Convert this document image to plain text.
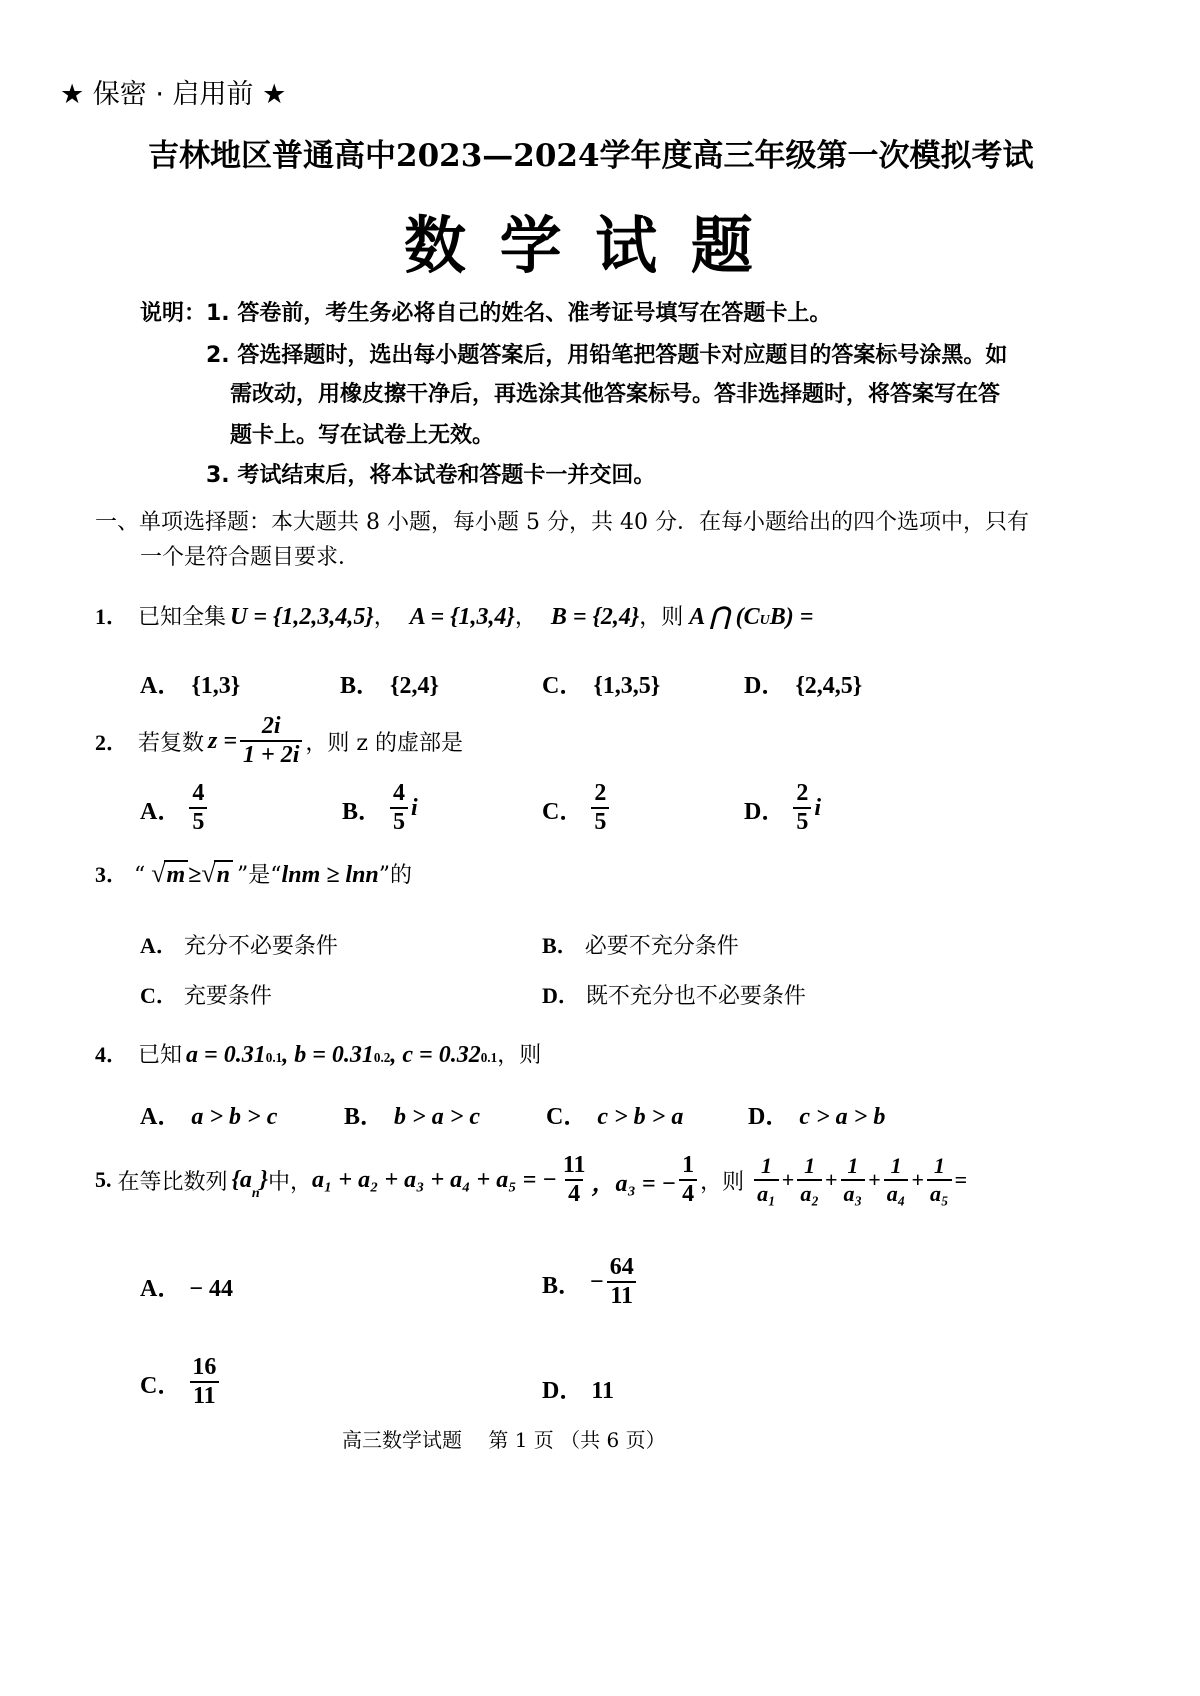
★ 保密 · 启用前 ★
吉林地区普通高中2023—2024学年度高三年级第一次模拟考试
数 学 试 题
说明： 1. 答卷前，考生务必将自己的姓名、准考证号填写在答题卡上。
2. 答选择题时，选出每小题答案后，用铅笔把答题卡对应题目的答案标号涂黑。如
需改动，用橡皮擦干净后，再选涂其他答案标号。答非选择题时，将答案写在答
题卡上。写在试卷上无效。
3. 考试结束后，将本试卷和答题卡一并交回。
一、单项选择题：本大题共 8 小题，每小题 5 分，共 40 分．在每小题给出的四个选项中，只有
一个是符合题目要求．
1． 已知全集 U = {1,2,3,4,5} ， A = {1,3,4} ， B = {2,4} ， 则 A ⋂ ($C_U$ B) =
A． {1,3}	B． {2,4}	C． {1,3,5}	D． {2,4,5}
2． 若复数 $z = \frac{2i}{1 + 2i}$ ，则 z 的虚部是
A． $\frac{4}{5}$	B． $\frac{4}{5}$ i	C． $\frac{2}{5}$	D． $\frac{2}{5}$ i
3． “ √ m ≥ √ n ” 是 “ lnm ≥ lnn ” 的
A． 充分不必要条件	B． 必要不充分条件
C． 充要条件	D． 既不充分也不必要条件
4． 已知 a = 0.31 0.1 , b = 0.31 0.2 , c = 0.32 0.1 ，则
A． a > b > c	B． b > a > c	C． c > b > a	D． c > a > b
5. 在等比数列 {a
$_n$
} 中， a₁ + a₂ + a₃ + a₄ + a₅ = − $\frac{11}{4}$ ，a₃ = − $\frac{1}{4}$ ，则 $\frac{1}{\text{a₁}} + \frac{1}{\text{a₂}} + \frac{1}{\text{a₃}} + \frac{1}{\text{a₄}} + \frac{1}{\text{a₅}}$ =
A． − 44	B． − $\frac{64}{11}$
C． $\frac{16}{11}$	D． 11
高三数学试题　 第 1 页 （共 6 页）
